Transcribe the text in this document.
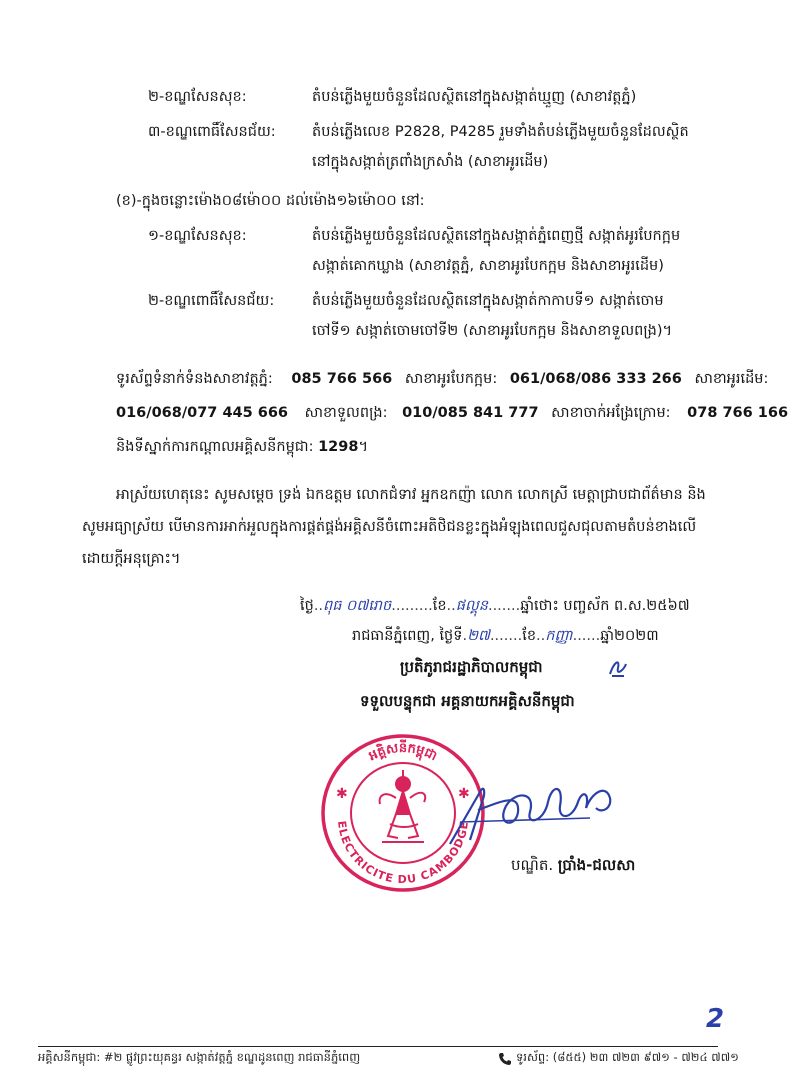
២-ខណ្ឌសែនសុខ:	តំបន់ភ្លើងមួយចំនួនដែលស្ថិតនៅក្នុងសង្កាត់ឃ្មួញ (សាខាវត្តភ្នំ)
៣-ខណ្ឌពោធិ៍សែនជ័យ:	តំបន់ភ្លើងលេខ P2828, P4285 រួមទាំងតំបន់ភ្លើងមួយចំនួនដែលស្ថិត
នៅក្នុងសង្កាត់ត្រពាំងក្រសាំង (សាខាអូរដើម)
(ខ)-ក្នុងចន្លោះម៉ោង០៨ម៉ោ០០ ដល់ម៉ោង១៦ម៉ោ០០ នៅ:
១-ខណ្ឌសែនសុខ:	តំបន់ភ្លើងមួយចំនួនដែលស្ថិតនៅក្នុងសង្កាត់ភ្នំពេញថ្មី សង្កាត់អូរបែកក្អម
សង្កាត់គោកឃ្លាង (សាខាវត្តភ្នំ, សាខាអូរបែកក្អម និងសាខាអូរដើម)
២-ខណ្ឌពោធិ៍សែនជ័យ:	តំបន់ភ្លើងមួយចំនួនដែលស្ថិតនៅក្នុងសង្កាត់កាកាបទី១ សង្កាត់ចោម
ចៅទី១ សង្កាត់ចោមចៅទី២ (សាខាអូរបែកក្អម និងសាខាទួលពង្រ)។
ទូរស័ព្ទទំនាក់ទំនងសាខាវត្តភ្នំ: 085 766 566 សាខាអូរបែកក្អម: 061/068/086 333 266 សាខាអូរដើម:
016/068/077 445 666 សាខាទួលពង្រ: 010/085 841 777 សាខាចាក់អង្រែក្រោម: 078 766 166
និងទីស្នាក់ការកណ្តាលអគ្គិសនីកម្ពុជា: 1298។
អាស្រ័យហេតុនេះ សូមសម្តេច ទ្រង់ ឯកឧត្តម លោកជំទាវ អ្នកឧកញ៉ា លោក លោកស្រី មេត្តាជ្រាបជាព័ត៌មាន និង
សូមអធ្យាស្រ័យ បើមានការអាក់អួលក្នុងការផ្គត់ផ្គង់អគ្គិសនីចំពោះអតិថិជនខ្លះក្នុងអំឡុងពេលជួសជុលតាមតំបន់ខាងលើ
ដោយក្តីអនុគ្រោះ។
ថ្ងៃ..ពុធ ០៧រោច.........ខែ..ផល្គុន.......ឆ្នាំថោះ បញ្ចស័ក ព.ស.២៥៦៧
រាជធានីភ្នំពេញ, ថ្ងៃទី.២៧.......ខែ..កញ្ញា......ឆ្នាំ២០២៣
ប្រតិភូរាជរដ្ឋាភិបាលកម្ពុជា
ទទួលបន្ទុកជា អគ្គនាយកអគ្គិសនីកម្ពុជា
អគ្គិសនីកម្ពុជា
ELECTRICITE DU CAMBODGE
✱	✱
បណ្ឌិត. ប្រាំង-ជលសា
អគ្គិសនីកម្ពុជា: #២ ផ្លូវព្រះយុគន្ធរ សង្កាត់វត្តភ្នំ ខណ្ឌដូនពេញ រាជធានីភ្នំពេញ	ទូរស័ព្ទ: (៨៥៥) ២៣ ៧២៣ ៩៧១ - ៧២៤ ៧៧១
2
